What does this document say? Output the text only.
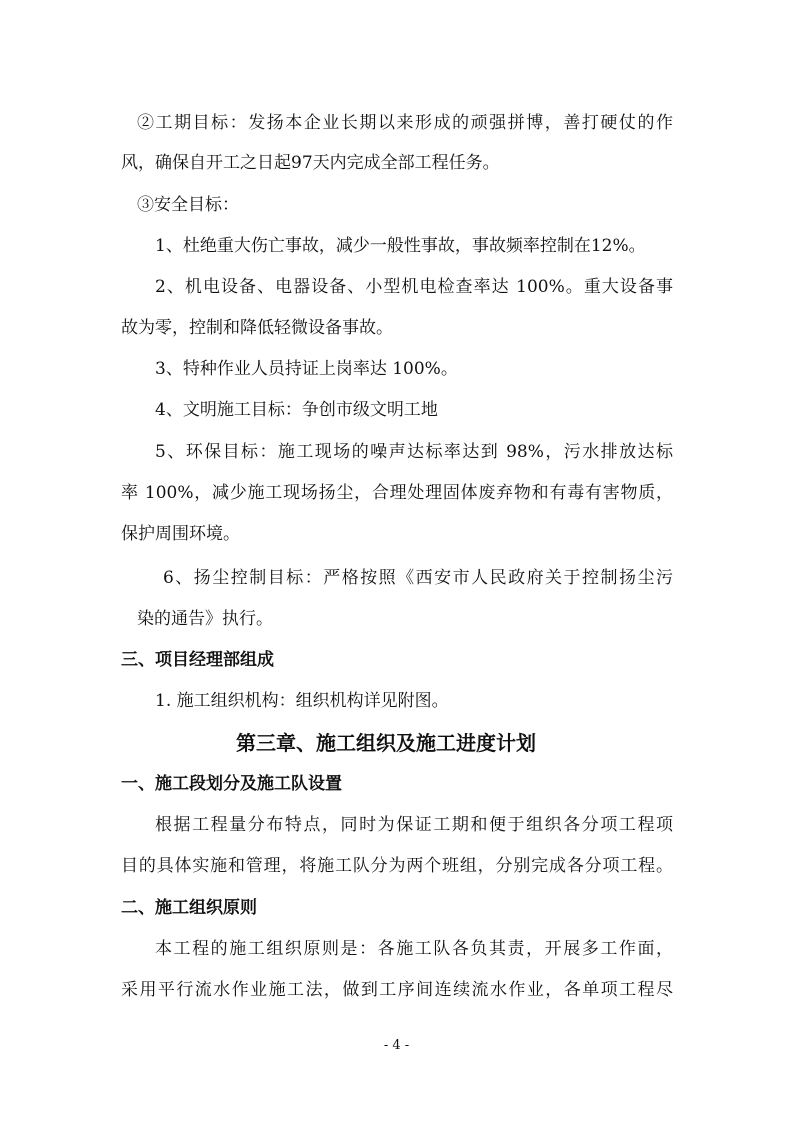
②工期目标：发扬本企业长期以来形成的顽强拼博，善打硬仗的作
风，确保自开工之日起97天内完成全部工程任务。
③安全目标：
1、杜绝重大伤亡事故，减少一般性事故，事故频率控制在12%。
2、机电设备、电器设备、小型机电检查率达 100%。重大设备事
故为零，控制和降低轻微设备事故。
3、特种作业人员持证上岗率达 100%。
4、文明施工目标：争创市级文明工地
5、环保目标：施工现场的噪声达标率达到 98%，污水排放达标
率 100%，减少施工现场扬尘，合理处理固体废弃物和有毒有害物质，
保护周围环境。
6、扬尘控制目标：严格按照《西安市人民政府关于控制扬尘污
染的通告》执行。
三、项目经理部组成
1. 施工组织机构：组织机构详见附图。
第三章、施工组织及施工进度计划
一、施工段划分及施工队设置
根据工程量分布特点，同时为保证工期和便于组织各分项工程项
目的具体实施和管理，将施工队分为两个班组，分别完成各分项工程。
二、施工组织原则
本工程的施工组织原则是：各施工队各负其责，开展多工作面，
采用平行流水作业施工法，做到工序间连续流水作业，各单项工程尽
- 4 -
